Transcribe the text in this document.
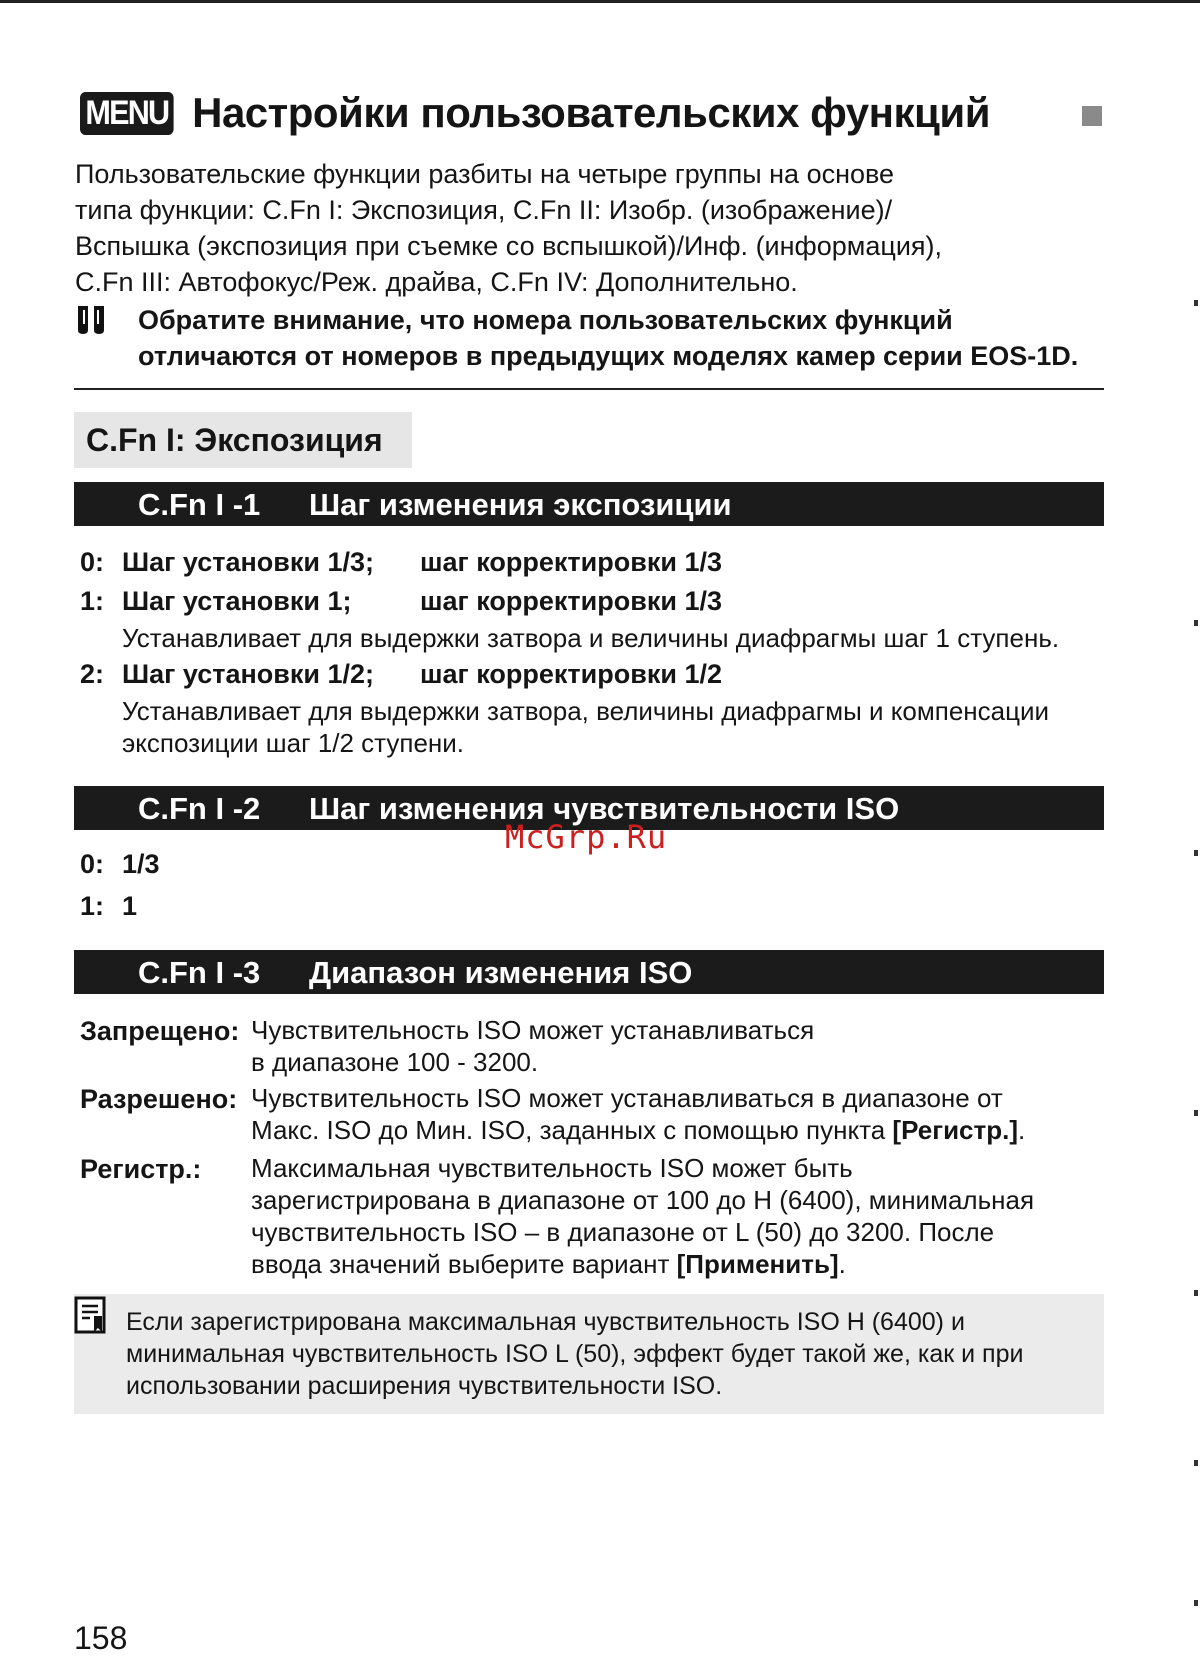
MENU Настройки пользовательских функций
Пользовательские функции разбиты на четыре группы на основе
типа функции: C.Fn I: Экспозиция, C.Fn II: Изобр. (изображение)/
Вспышка (экспозиция при съемке со вспышкой)/Инф. (информация),
C.Fn III: Автофокус/Реж. драйва, C.Fn IV: Дополнительно.
Обратите внимание, что номера пользовательских функций
отличаются от номеров в предыдущих моделях камер серии EOS-1D.
C.Fn I: Экспозиция
C.Fn I -1 Шаг изменения экспозиции
0: Шаг установки 1/3; шаг корректировки 1/3
1: Шаг установки 1;	шаг корректировки 1/3
Устанавливает для выдержки затвора и величины диафрагмы шаг 1 ступень.
2: Шаг установки 1/2; шаг корректировки 1/2
Устанавливает для выдержки затвора, величины диафрагмы и компенсации
экспозиции шаг 1/2 ступени.
C.Fn I -2 Шаг изменения чувствительности ISO
0: 1/3
1: 1
McGrp.Ru
C.Fn I -3 Диапазон изменения ISO
Запрещено: Чувствительность ISO может устанавливаться
в диапазоне 100 - 3200.
Разрешено: Чувствительность ISO может устанавливаться в диапазоне от
Макс. ISO до Мин. ISO, заданных с помощью пункта [Регистр.].
Регистр.: Максимальная чувствительность ISO может быть
зарегистрирована в диапазоне от 100 до H (6400), минимальная
чувствительность ISO – в диапазоне от L (50) до 3200. После
ввода значений выберите вариант [Применить].
Если зарегистрирована максимальная чувствительность ISO H (6400) и
минимальная чувствительность ISO L (50), эффект будет такой же, как и при
использовании расширения чувствительности ISO.
158
